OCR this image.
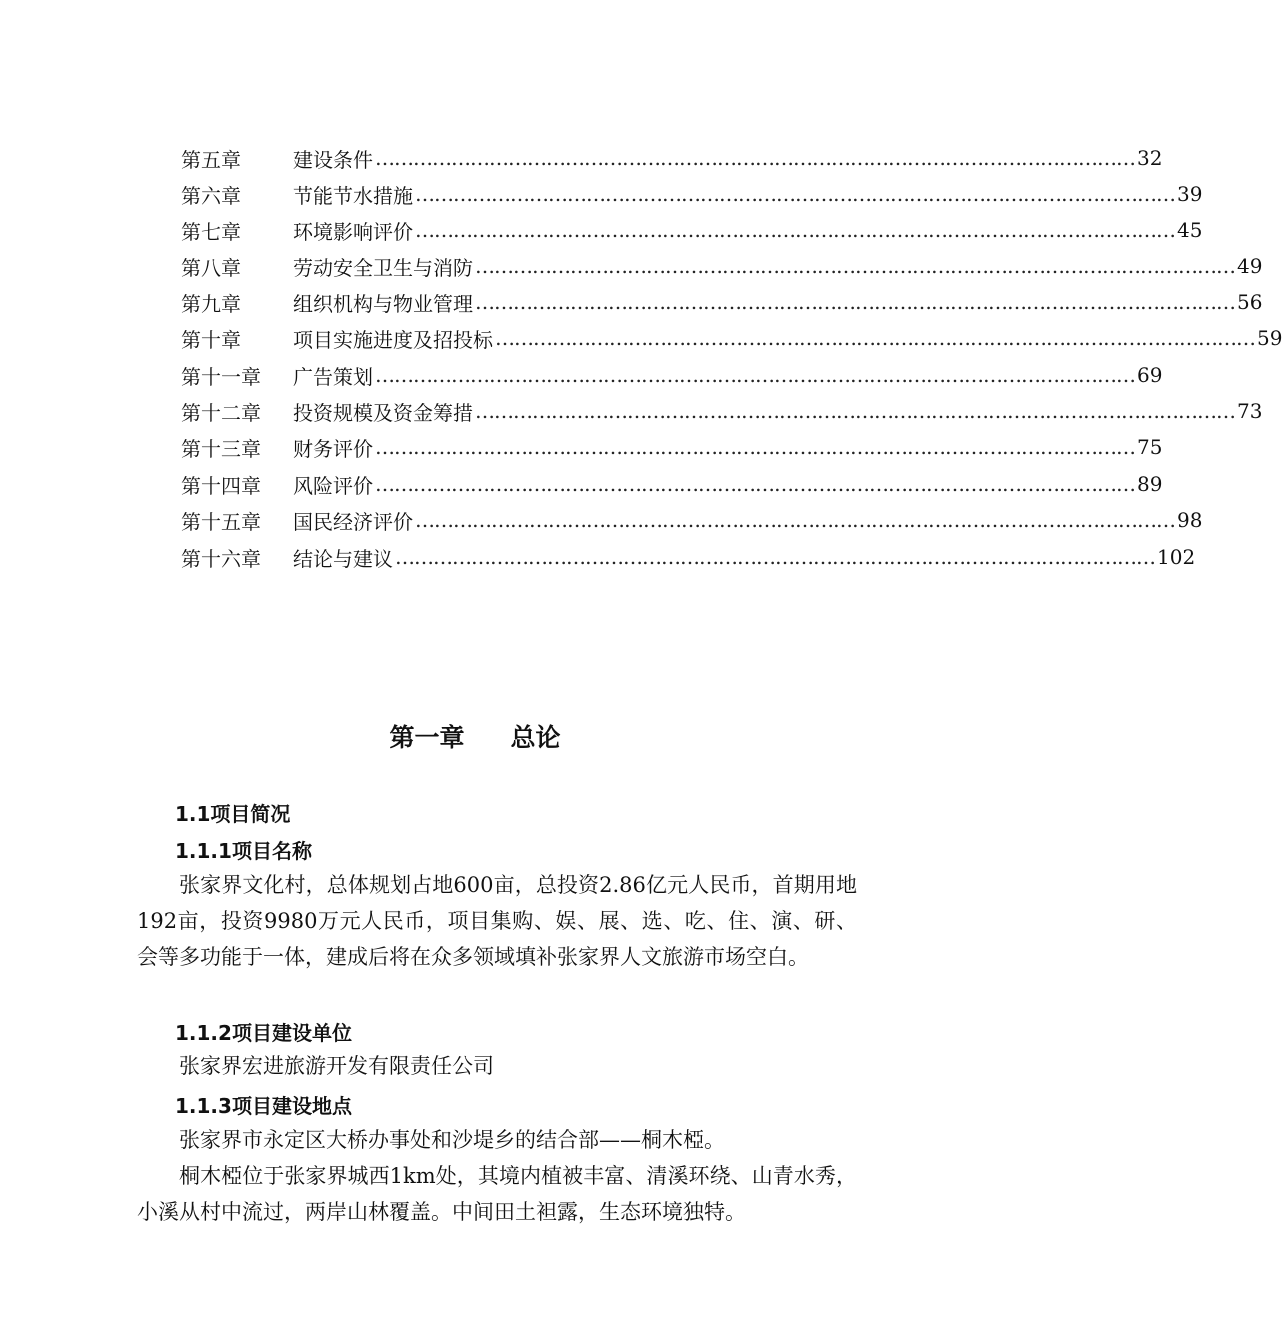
第五章	建设条件 ………………………………………………………………………………………………………… 32
第六章	节能节水措施 ………………………………………………………………………………………………………… 39
第七章	环境影响评价 ………………………………………………………………………………………………………… 45
第八章	劳动安全卫生与消防 ………………………………………………………………………………………………………… 49
第九章	组织机构与物业管理 ………………………………………………………………………………………………………… 56
第十章	项目实施进度及招投标 ………………………………………………………………………………………………………… 59
第十一章	广告策划 ………………………………………………………………………………………………………… 69
第十二章	投资规模及资金筹措 ………………………………………………………………………………………………………… 73
第十三章	财务评价 ………………………………………………………………………………………………………… 75
第十四章	风险评价 ………………………………………………………………………………………………………… 89
第十五章	国民经济评价 ………………………………………………………………………………………………………… 98
第十六章	结论与建议 ………………………………………………………………………………………………………… 102
第一章 总论
1.1项目简况
1.1.1项目名称
张家界文化村，总体规划占地600亩，总投资2.86亿元人民币，首期用地192亩，投资9980万元人民币，项目集购、娱、展、选、吃、住、演、研、会等多功能于一体，建成后将在众多领域填补张家界人文旅游市场空白。
1.1.2项目建设单位
张家界宏进旅游开发有限责任公司
1.1.3项目建设地点
张家界市永定区大桥办事处和沙堤乡的结合部——桐木椏。
桐木椏位于张家界城西1km处，其境内植被丰富、清溪环绕、山青水秀，小溪从村中流过，两岸山林覆盖。中间田土袒露，生态环境独特。
